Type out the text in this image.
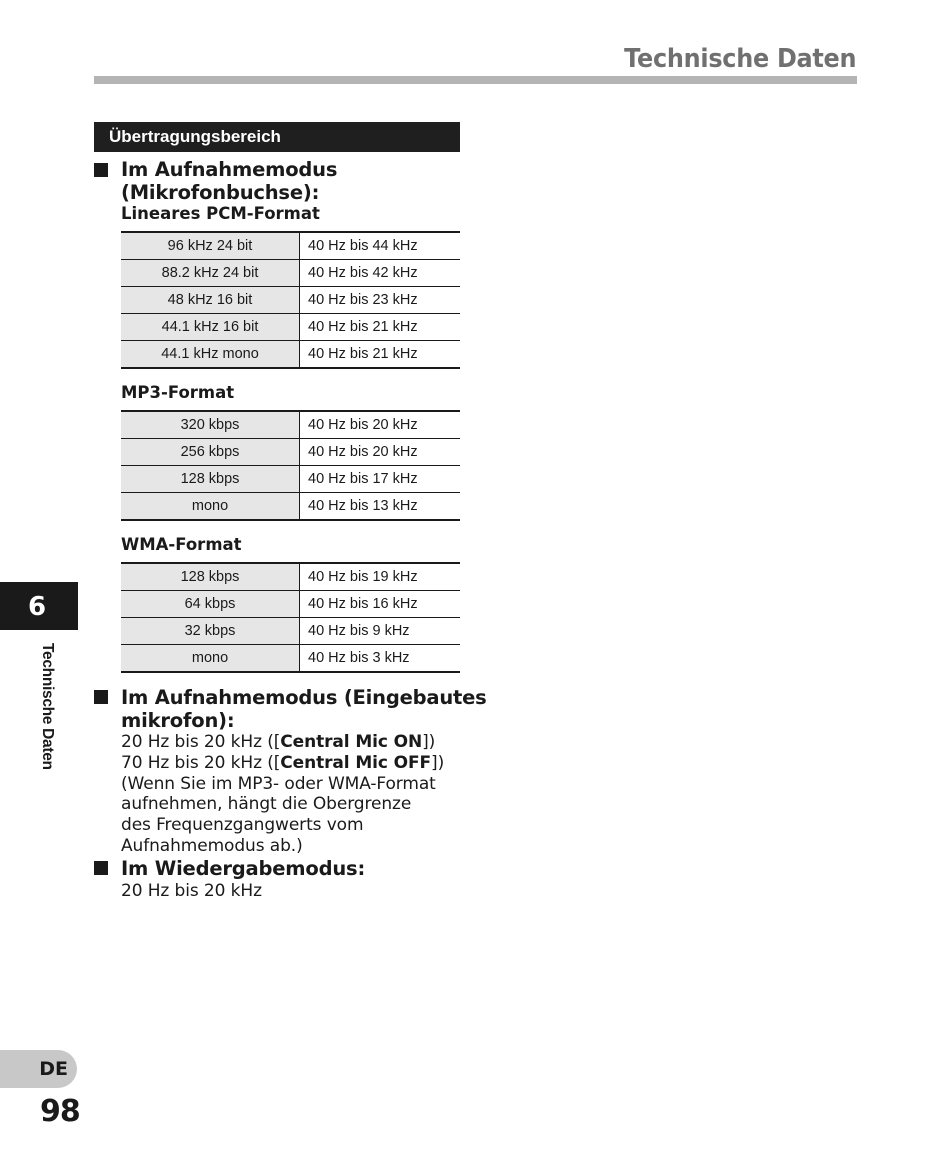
Technische Daten
Übertragungsbereich
Im Aufnahmemodus
(Mikrofonbuchse):
Lineares PCM-Format
96 kHz 24 bit	40 Hz bis 44 kHz
88.2 kHz 24 bit	40 Hz bis 42 kHz
48 kHz 16 bit	40 Hz bis 23 kHz
44.1 kHz 16 bit	40 Hz bis 21 kHz
44.1 kHz mono	40 Hz bis 21 kHz
MP3-Format
320 kbps	40 Hz bis 20 kHz
256 kbps	40 Hz bis 20 kHz
128 kbps	40 Hz bis 17 kHz
mono	40 Hz bis 13 kHz
WMA-Format
128 kbps	40 Hz bis 19 kHz
64 kbps	40 Hz bis 16 kHz
32 kbps	40 Hz bis 9 kHz
mono	40 Hz bis 3 kHz
Im Aufnahmemodus (Eingebautes
mikrofon):
20 Hz bis 20 kHz ([Central Mic ON])
70 Hz bis 20 kHz ([Central Mic OFF])
(Wenn Sie im MP3- oder WMA-Format
aufnehmen, hängt die Obergrenze
des Frequenzgangwerts vom
Aufnahmemodus ab.)
Im Wiedergabemodus:
20 Hz bis 20 kHz
6
Technische Daten
DE
98
